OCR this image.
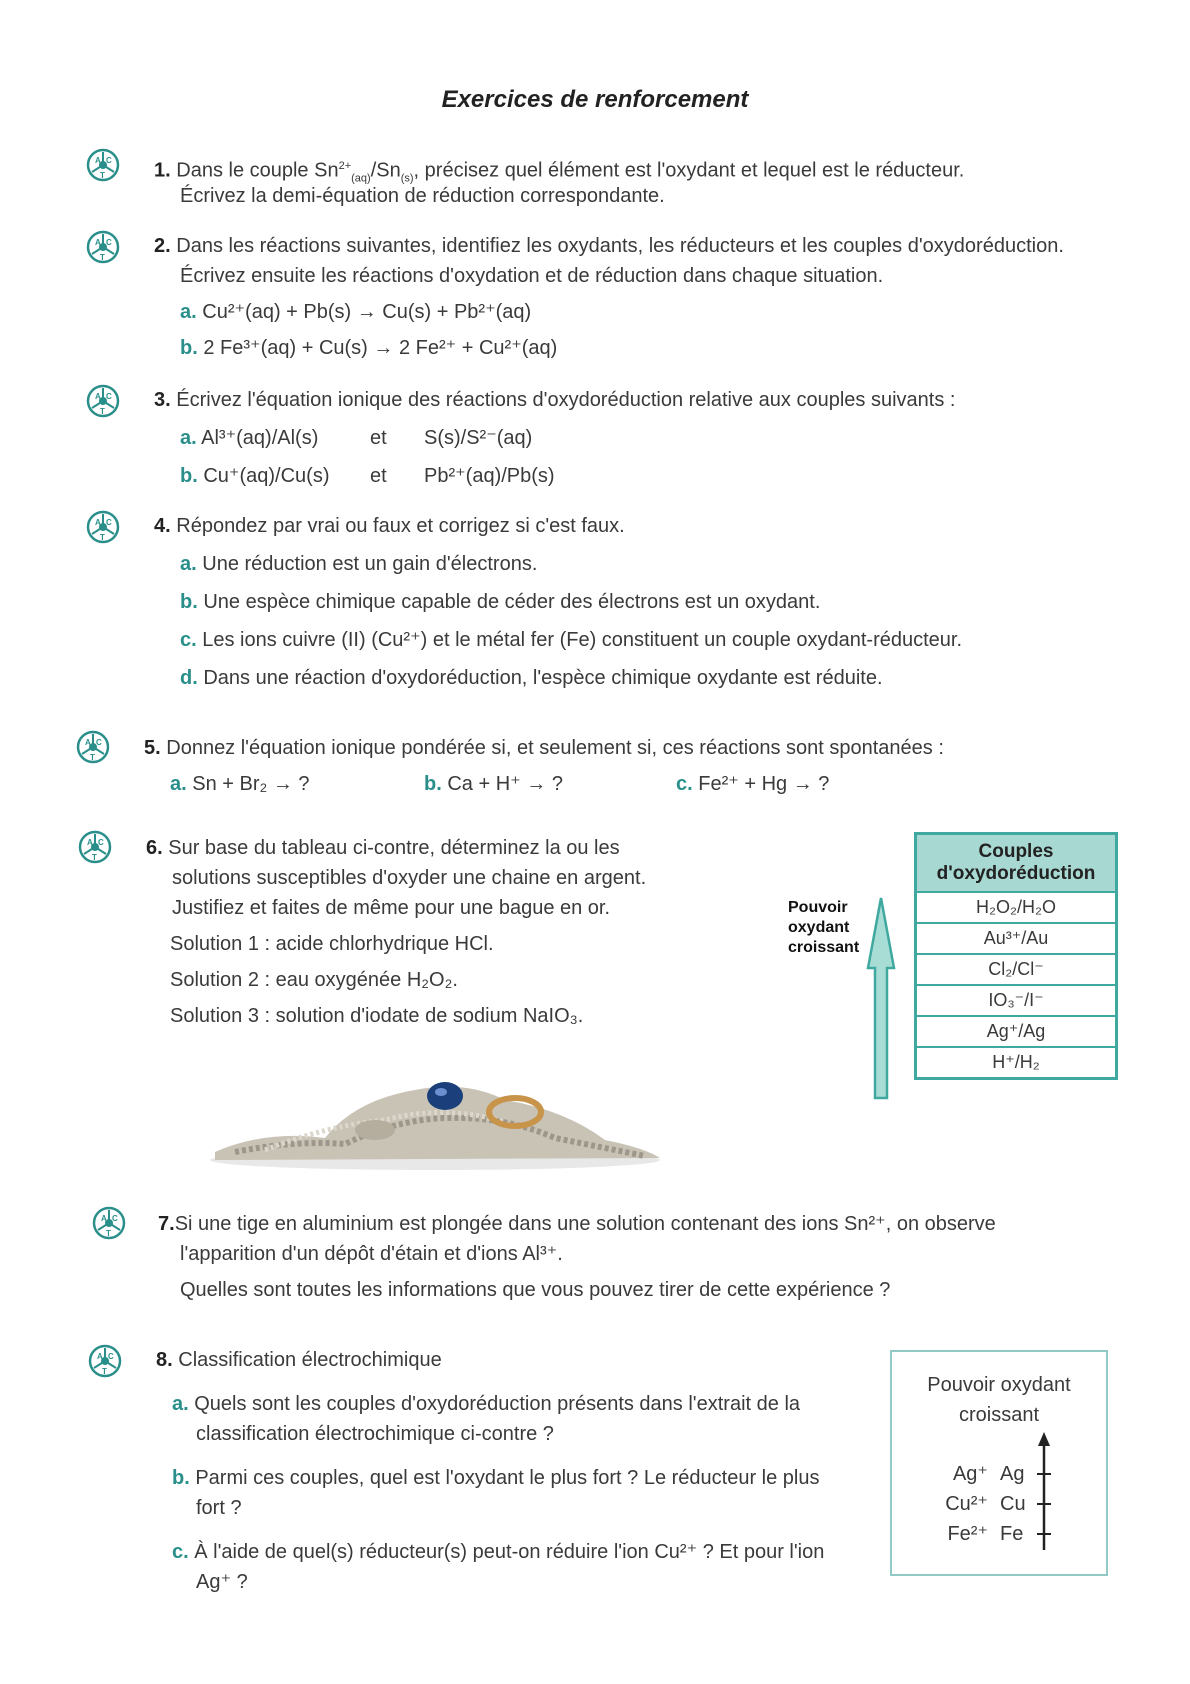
Exercices de renforcement
A C
T 1. Dans le couple $Sn^{2+}_{(aq)}/Sn_{(s)}$, précisez quel élément est l'oxydant et lequel est le réducteur.
Écrivez la demi-équation de réduction correspondante.
A C
T
2. Dans les réactions suivantes, identifiez les oxydants, les réducteurs et les couples d'oxydoréduction.
Écrivez ensuite les réactions d'oxydation et de réduction dans chaque situation.
a. Cu²⁺(aq) + Pb(s) → Cu(s) + Pb²⁺(aq)
b. 2 Fe³⁺(aq) + Cu(s) → 2 Fe²⁺ + Cu²⁺(aq)
A C
T
3. Écrivez l'équation ionique des réactions d'oxydoréduction relative aux couples suivants :
a. Al³⁺(aq)/Al(s)	et S(s)/S²⁻(aq)
b. Cu⁺(aq)/Cu(s) et Pb²⁺(aq)/Pb(s)
A C
T
4. Répondez par vrai ou faux et corrigez si c'est faux.
a. Une réduction est un gain d'électrons.
b. Une espèce chimique capable de céder des électrons est un oxydant.
c. Les ions cuivre (II) (Cu²⁺) et le métal fer (Fe) constituent un couple oxydant-réducteur.
d. Dans une réaction d'oxydoréduction, l'espèce chimique oxydante est réduite.
A C
T 5. Donnez l'équation ionique pondérée si, et seulement si, ces réactions sont spontanées :
a. Sn + Br₂ → ?	b. Ca + H⁺ → ?	c. Fe²⁺ + Hg → ?
A C
T 6. Sur base du tableau ci-contre, déterminez la ou les
solutions susceptibles d'oxyder une chaine en argent.
Justifiez et faites de même pour une bague en or.
Solution 1 : acide chlorhydrique HCl.
Solution 2 : eau oxygénée H₂O₂.
Solution 3 : solution d'iodate de sodium NaIO₃.
Pouvoir
oxydant
croissant
Couples
d'oxydoréduction

H₂O₂/H₂O
Au³⁺/Au
Cl₂/Cl⁻
IO₃⁻/I⁻
Ag⁺/Ag
H⁺/H₂
A C
T 7.Si une tige en aluminium est plongée dans une solution contenant des ions Sn²⁺, on observe
l'apparition d'un dépôt d'étain et d'ions Al³⁺.
Quelles sont toutes les informations que vous pouvez tirer de cette expérience ?
A C
T
8. Classification électrochimique
a. Quels sont les couples d'oxydoréduction présents dans l'extrait de la
classification électrochimique ci-contre ?
b. Parmi ces couples, quel est l'oxydant le plus fort ? Le réducteur le plus
fort ?
c. À l'aide de quel(s) réducteur(s) peut-on réduire l'ion Cu²⁺ ? Et pour l'ion
Ag⁺ ?
Pouvoir oxydant
croissant
Ag⁺ Ag
Cu²⁺ Cu
Fe²⁺ Fe
